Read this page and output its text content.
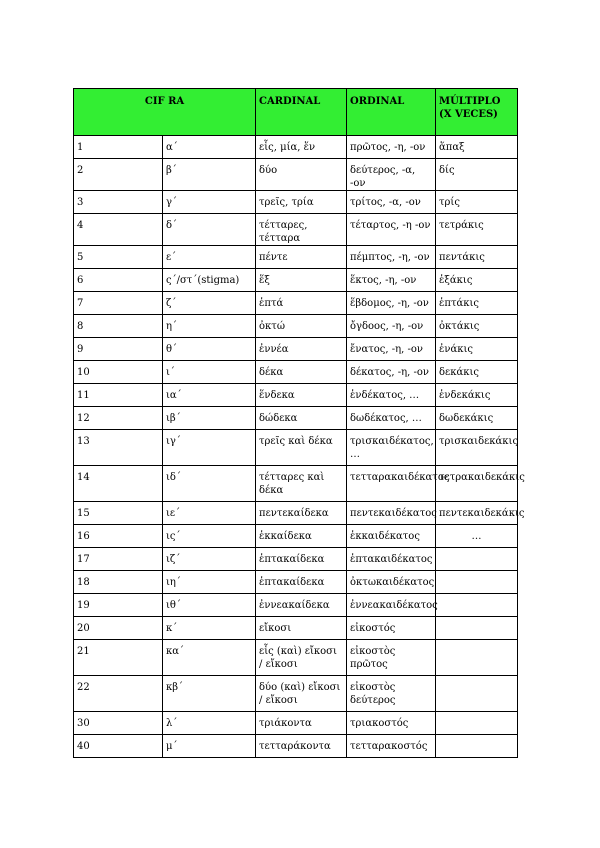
CIF RA		CARDINAL	ORDINAL	MÚLTIPLO (X VECES)
1	α΄	εἷς, μία, ἕν	πρῶτος, -η, -ον	ἅπαξ
2	β΄	δύο	δεύτερος, -α, -ον	δίς
3	γ΄	τρεῖς, τρία	τρίτος, -α, -ον	τρίς
4	δ΄	τέτταρες, τέτταρα	τέταρτος, -η -ον	τετράκις
5	ε΄	πέντε	πέμπτος, -η, -ον	πεντάκις
6	ς΄/στ΄(stigma)	ἕξ	ἕκτος, -η, -ον	ἑξάκις
7	ζ΄	ἑπτά	ἕβδομος, -η, -ον	ἑπτάκις
8	η΄	ὀκτώ	ὄγδοος, -η, -ον	ὀκτάκις
9	θ΄	ἐννέα	ἔνατος, -η, -ον	ἐνάκις
10	ι΄	δέκα	δέκατος, -η, -ον	δεκάκις
11	ια΄	ἕνδεκα	ἑνδέκατος, …	ἑνδεκάκις
12	ιβ΄	δώδεκα	δωδέκατος, …	δωδεκάκις
13	ιγ΄	τρεῖς καὶ δέκα	τρισκαιδέκατος, …	τρισκαιδεκάκις
14	ιδ΄	τέτταρες καὶ δέκα	τετταρακαιδέκατος	τετρακαιδεκάκις
15	ιε΄	πεντεκαίδεκα	πεντεκαιδέκατος	πεντεκαιδεκάκις
16	ις΄	ἑκκαίδεκα	ἑκκαιδέκατος	…
17	ιζ΄	ἑπτακαίδεκα	ἑπτακαιδέκατος	
18	ιη΄	ἑπτακαίδεκα	ὀκτωκαιδέκατος	
19	ιθ΄	ἐννεακαίδεκα	ἐννεακαιδέκατος	
20	κ΄	εἴκοσι	εἰκοστός	
21	κα΄	εἷς (καὶ) εἴκοσι / εἴκοσι	εἰκοστὸς πρῶτος	
22	κβ΄	δύο (καὶ) εἴκοσι / εἴκοσι	εἰκοστὸς δεύτερος	
30	λ΄	τριάκοντα	τριακοστός	
40	μ΄	τετταράκοντα	τετταρακοστός	
